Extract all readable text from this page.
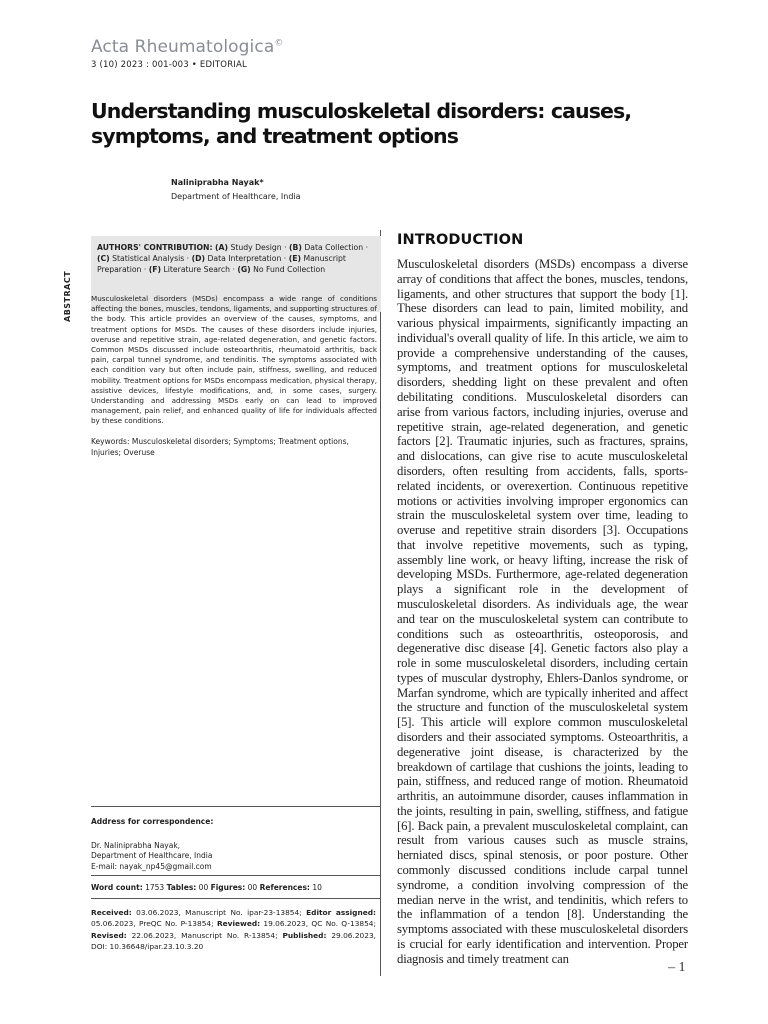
Acta Rheumatologica©
3 (10) 2023 : 001-003 • EDITORIAL
Understanding musculoskeletal disorders: causes, symptoms, and treatment options
Naliniprabha Nayak*
Department of Healthcare, India
ABSTRACT
AUTHORS' CONTRIBUTION: (A) Study Design · (B) Data Collection · (C) Statistical Analysis · (D) Data Interpretation · (E) Manuscript Preparation · (F) Literature Search · (G) No Fund Collection

Musculoskeletal disorders (MSDs) encompass a wide range of conditions affecting the bones, muscles, tendons, ligaments, and supporting structures of the body. This article provides an overview of the causes, symptoms, and treatment options for MSDs. The causes of these disorders include injuries, overuse and repetitive strain, age-related degeneration, and genetic factors. Common MSDs discussed include osteoarthritis, rheumatoid arthritis, back pain, carpal tunnel syndrome, and tendinitis. The symptoms associated with each condition vary but often include pain, stiffness, swelling, and reduced mobility. Treatment options for MSDs encompass medication, physical therapy, assistive devices, lifestyle modifications, and, in some cases, surgery. Understanding and addressing MSDs early on can lead to improved management, pain relief, and enhanced quality of life for individuals affected by these conditions.

Keywords: Musculoskeletal disorders; Symptoms; Treatment options, Injuries; Overuse

Address for correspondence:
Dr. Naliniprabha Nayak,
Department of Healthcare, India
E-mail: nayak_np45@gmail.com
Word count: 1753 Tables: 00 Figures: 00 References: 10
Received: 03.06.2023, Manuscript No. ipar-23-13854; Editor assigned: 05.06.2023, PreQC No. P-13854; Reviewed: 19.06.2023, QC No. Q-13854; Revised: 22.06.2023, Manuscript No. R-13854; Published: 29.06.2023, DOI: 10.36648/ipar.23.10.3.20
INTRODUCTION

Musculoskeletal disorders (MSDs) encompass a diverse array of conditions that affect the bones, muscles, tendons, ligaments, and other structures that support the body [1]. These disorders can lead to pain, limited mobility, and various physical impairments, significantly impacting an individual's overall quality of life. In this article, we aim to provide a comprehensive understanding of the causes, symptoms, and treatment options for musculoskeletal disorders, shedding light on these prevalent and often debilitating conditions. Musculoskeletal disorders can arise from various factors, including injuries, overuse and repetitive strain, age-related degeneration, and genetic factors [2]. Traumatic injuries, such as fractures, sprains, and dislocations, can give rise to acute musculoskeletal disorders, often resulting from accidents, falls, sports-related incidents, or overexertion. Continuous repetitive motions or activities involving improper ergonomics can strain the musculoskeletal system over time, leading to overuse and repetitive strain disorders [3]. Occupations that involve repetitive movements, such as typing, assembly line work, or heavy lifting, increase the risk of developing MSDs. Furthermore, age-related degeneration plays a significant role in the development of musculoskeletal disorders. As individuals age, the wear and tear on the musculoskeletal system can contribute to conditions such as osteoarthritis, osteoporosis, and degenerative disc disease [4]. Genetic factors also play a role in some musculoskeletal disorders, including certain types of muscular dystrophy, Ehlers-Danlos syndrome, or Marfan syndrome, which are typically inherited and affect the structure and function of the musculoskeletal system [5]. This article will explore common musculoskeletal disorders and their associated symptoms. Osteoarthritis, a degenerative joint disease, is characterized by the breakdown of cartilage that cushions the joints, leading to pain, stiffness, and reduced range of motion. Rheumatoid arthritis, an autoimmune disorder, causes inflammation in the joints, resulting in pain, swelling, stiffness, and fatigue [6]. Back pain, a prevalent musculoskeletal complaint, can result from various causes such as muscle strains, herniated discs, spinal stenosis, or poor posture. Other commonly discussed conditions include carpal tunnel syndrome, a condition involving compression of the median nerve in the wrist, and tendinitis, which refers to the inflammation of a tendon [8]. Understanding the symptoms associated with these musculoskeletal disorders is crucial for early identification and intervention. Proper diagnosis and timely treatment can

– 1
